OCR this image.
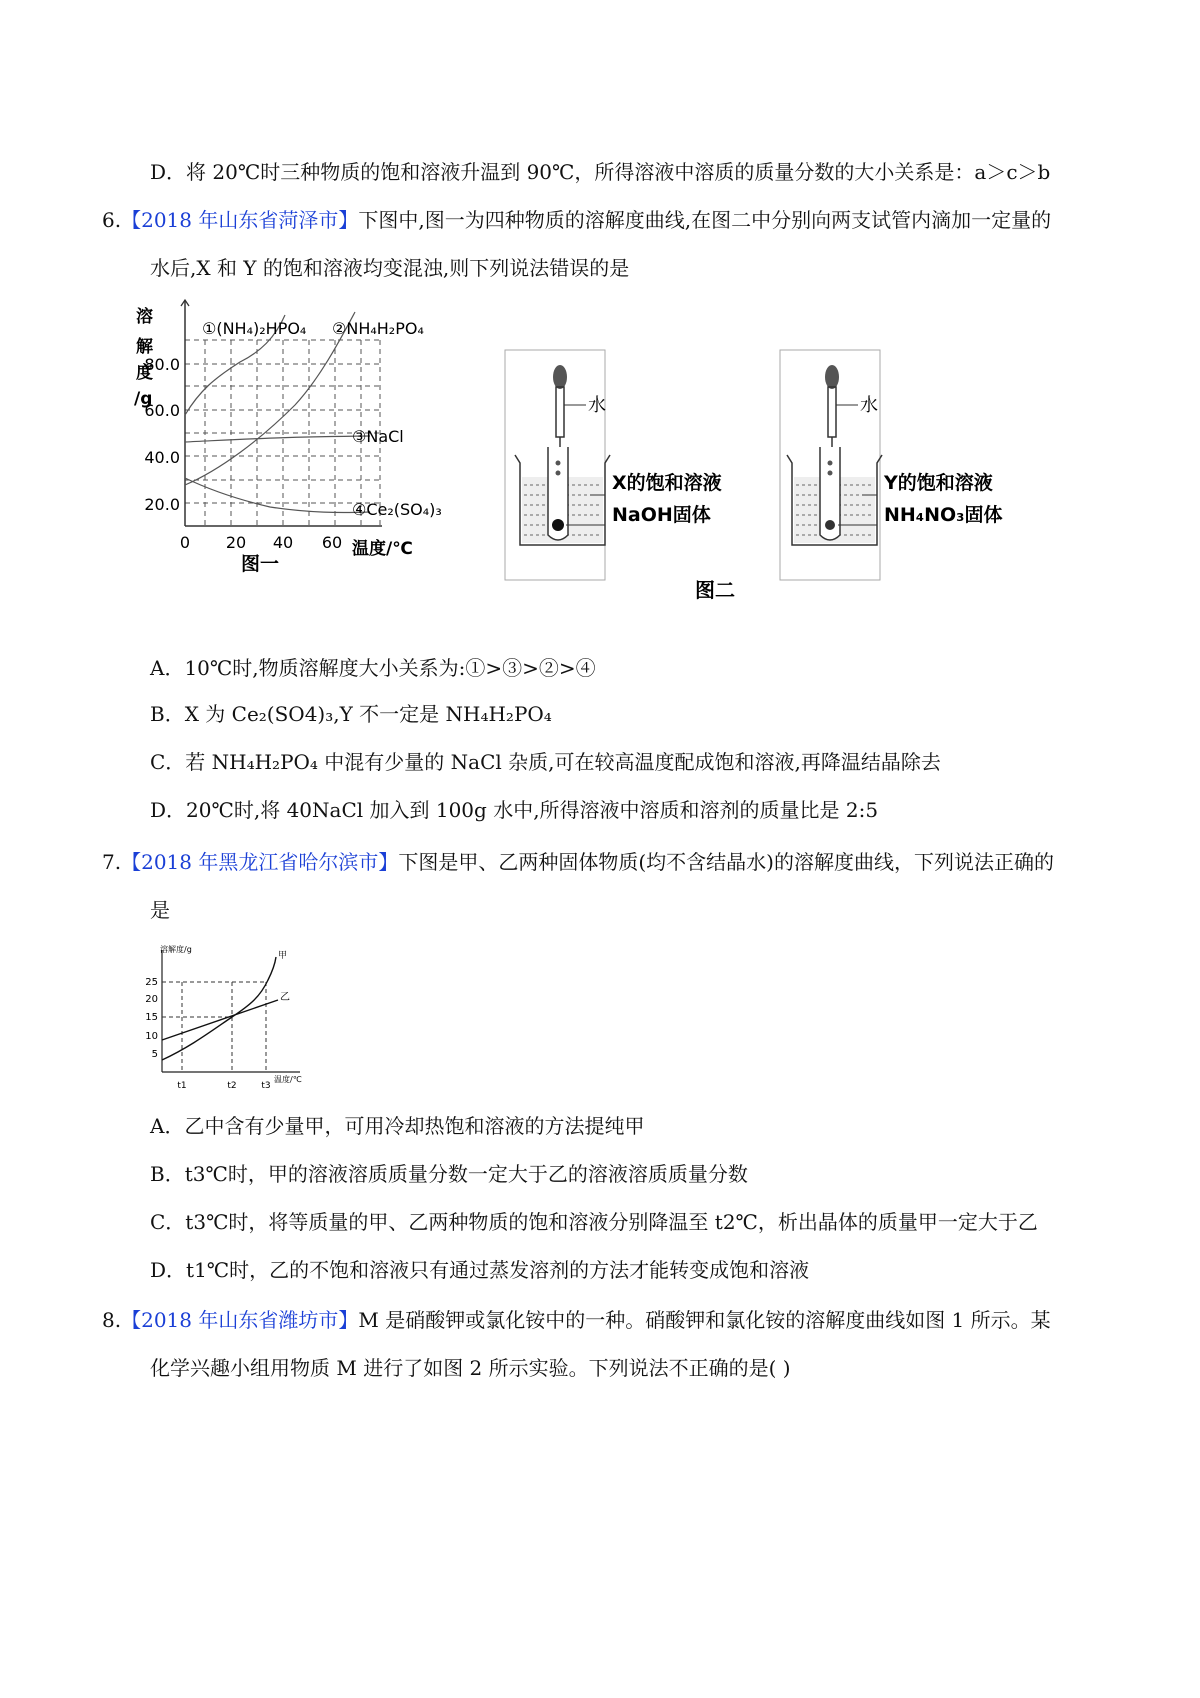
D．将 20℃时三种物质的饱和溶液升温到 90℃，所得溶液中溶质的质量分数的大小关系是：a＞c＞b
6.【2018 年山东省菏泽市】下图中,图一为四种物质的溶解度曲线,在图二中分别向两支试管内滴加一定量的
水后,X 和 Y 的饱和溶液均变混浊,则下列说法错误的是
溶
解
度
/g
80.0
60.0
40.0
20.0
0 20 40 60 温度/℃
图一
①(NH₄)₂HPO₄ ②NH₄H₂PO₄
③NaCl
④Ce₂(SO₄)₃
水
X的饱和溶液
NaOH固体
图二
水
Y的饱和溶液
NH₄NO₃固体
A．10℃时,物质溶解度大小关系为:①>③>②>④
B．X 为 Ce₂(SO4)₃,Y 不一定是 NH₄H₂PO₄
C．若 NH₄H₂PO₄ 中混有少量的 NaCl 杂质,可在较高温度配成饱和溶液,再降温结晶除去
D．20℃时,将 40NaCl 加入到 100g 水中,所得溶液中溶质和溶剂的质量比是 2:5
7.【2018 年黑龙江省哈尔滨市】下图是甲、乙两种固体物质(均不含结晶水)的溶解度曲线，下列说法正确的
是
溶解度/g
甲
乙
25
20
15
10
5
t1	t2	t3
温度/℃
A．乙中含有少量甲，可用冷却热饱和溶液的方法提纯甲
B．t3℃时，甲的溶液溶质质量分数一定大于乙的溶液溶质质量分数
C．t3℃时，将等质量的甲、乙两种物质的饱和溶液分别降温至 t2℃，析出晶体的质量甲一定大于乙
D．t1℃时，乙的不饱和溶液只有通过蒸发溶剂的方法才能转变成饱和溶液
8.【2018 年山东省潍坊市】M 是硝酸钾或氯化铵中的一种。硝酸钾和氯化铵的溶解度曲线如图 1 所示。某
化学兴趣小组用物质 M 进行了如图 2 所示实验。下列说法不正确的是( )
